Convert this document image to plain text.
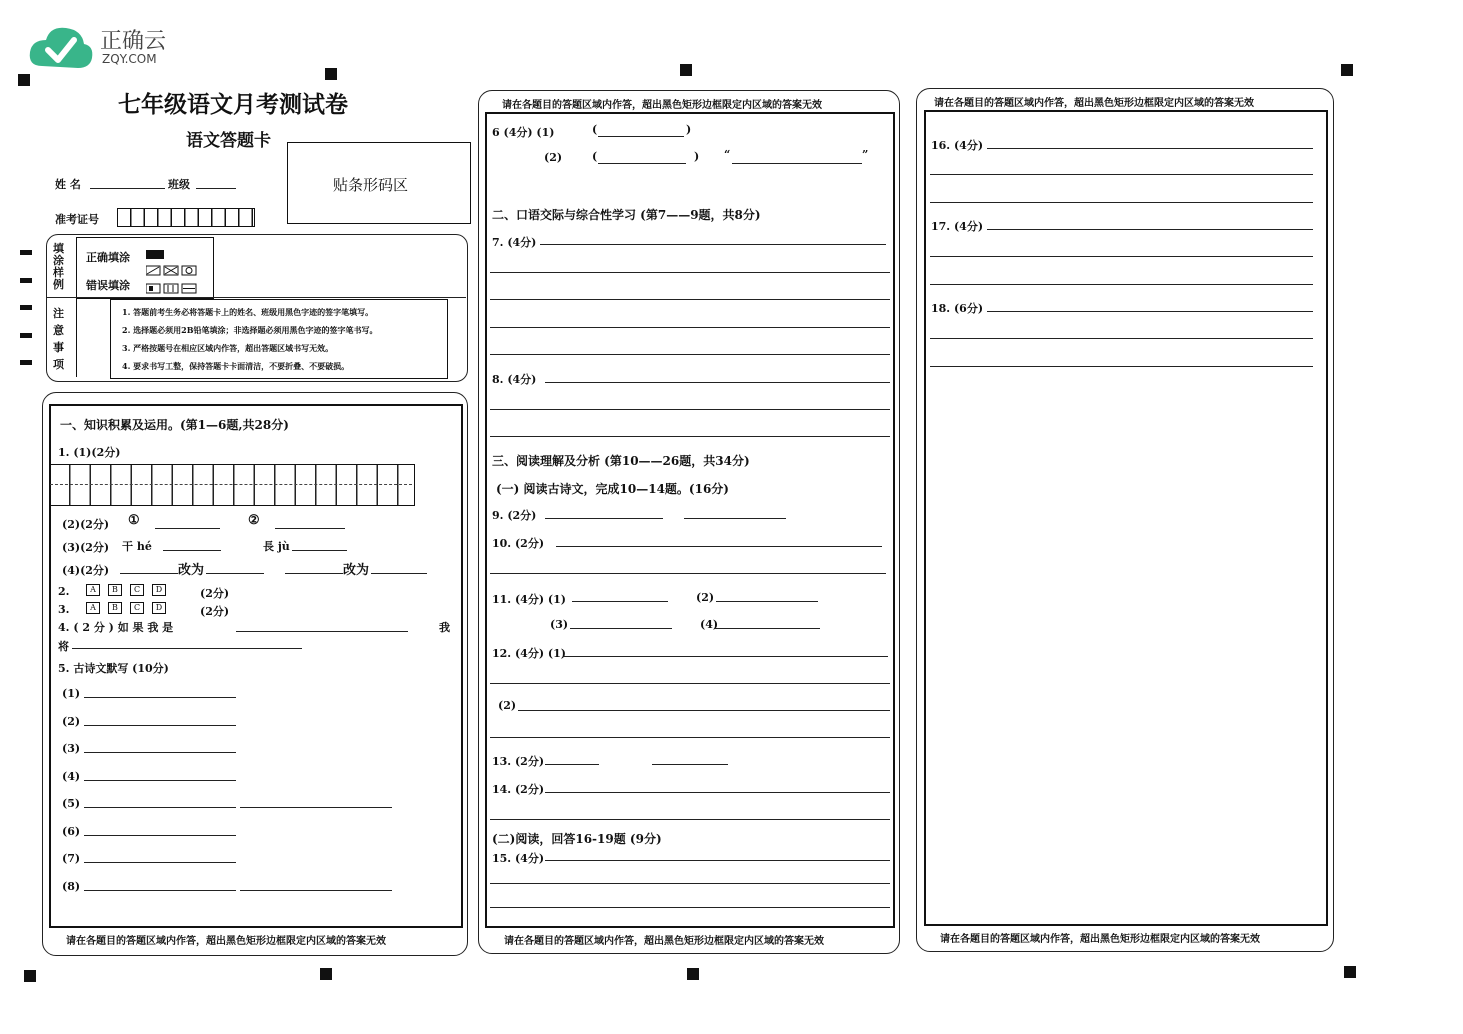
正确云
ZQY.COM
七年级语文月考测试卷
语文答题卡
姓 名	班级
准考证号
贴条形码区
填涂样例
正确填涂
错误填涂
注意事项
1. 答题前考生务必将答题卡上的姓名、班级用黑色字迹的签字笔填写。
2. 选择题必须用2B铅笔填涂；非选择题必须用黑色字迹的签字笔书写。
3. 严格按题号在相应区域内作答，超出答题区域书写无效。
4. 要求书写工整，保持答题卡卡面清洁，不要折叠、不要破损。
一、知识积累及运用。(第1—6题,共28分)
1. (1)(2分)
(2)(2分) ①	②
(3)(2分) 干 hé	長 jù
(4)(2分)	改为	改为
2.	A	B	C	D	(2分)
3.	A	B	C	D	(2分)
4. ( 2 分 ) 如 果 我 是	我
将
5. 古诗文默写 (10分)
(1)
(2)
(3)
(4)
(5)
(6)
(7)
(8)
请在各题目的答题区域内作答，超出黑色矩形边框限定内区域的答案无效
请在各题目的答题区域内作答，超出黑色矩形边框限定内区域的答案无效
6 (4分) (1)	(	)
(2)	(	) “	”
二、口语交际与综合性学习 (第7——9题，共8分)
7. (4分)
8. (4分)
三、阅读理解及分析 (第10——26题，共34分)
(一) 阅读古诗文，完成10—14题。(16分)
9. (2分)
10. (2分)
11. (4分) (1)	(2)
(3)	(4)
12. (4分) (1)
(2)
13. (2分)
14. (2分)
(二)阅读，回答16-19题 (9分)
15. (4分)
请在各题目的答题区域内作答，超出黑色矩形边框限定内区域的答案无效
请在各题目的答题区域内作答，超出黑色矩形边框限定内区域的答案无效
16. (4分)
17. (4分)
18. (6分)
请在各题目的答题区域内作答，超出黑色矩形边框限定内区域的答案无效
